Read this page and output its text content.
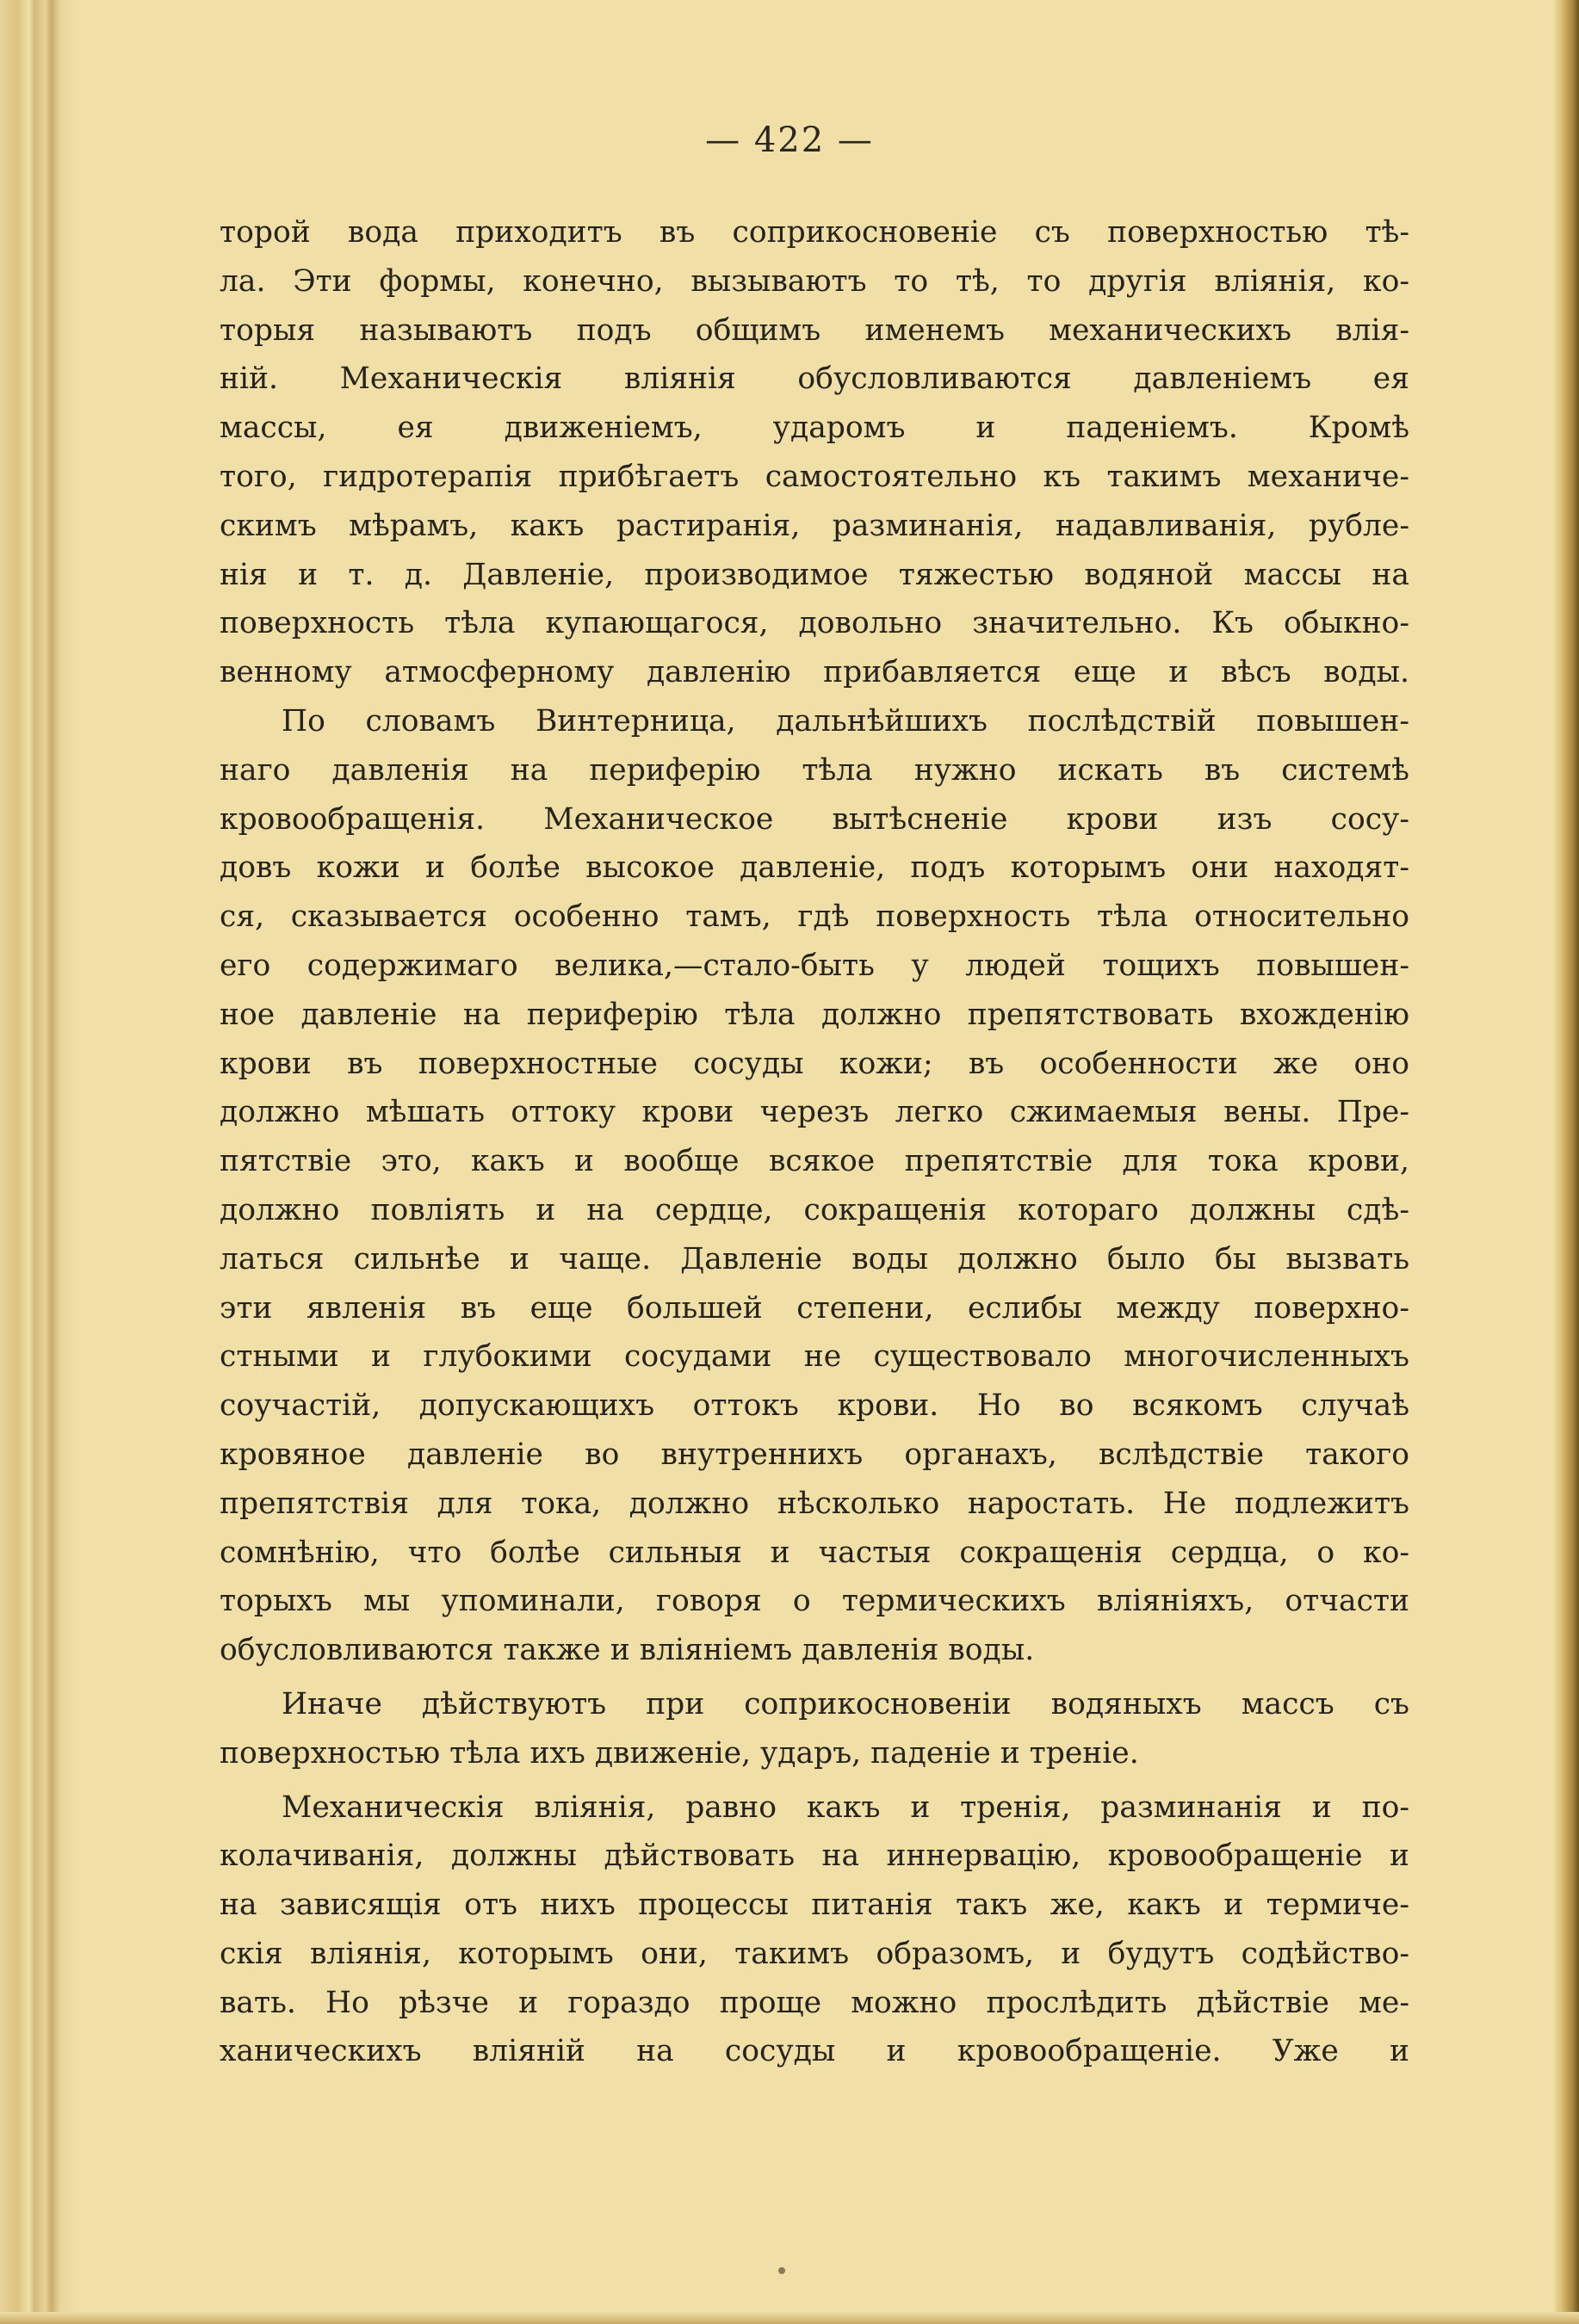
— 422 —
торой вода приходитъ въ соприкосновенiе съ поверхностью тѣ-
ла. Эти формы, конечно, вызываютъ то тѣ, то другiя влiянiя, ко-
торыя называютъ подъ общимъ именемъ механическихъ влiя-
нiй. Механическiя влiянiя обусловливаются давленiемъ ея
массы, ея движенiемъ, ударомъ и паденiемъ. Кромѣ
того, гидротерапiя прибѣгаетъ самостоятельно къ такимъ механиче-
скимъ мѣрамъ, какъ растиранiя, разминанiя, надавливанiя, рубле-
нiя и т. д. Давленiе, производимое тяжестью водяной массы на
поверхность тѣла купающагося, довольно значительно. Къ обыкно-
венному атмосферному давленiю прибавляется еще и вѣсъ воды.
По словамъ Винтерница, дальнѣйшихъ послѣдствiй повышен-
наго давленiя на периферiю тѣла нужно искать въ системѣ
кровообращенiя. Механическое вытѣсненiе крови изъ сосу-
довъ кожи и болѣе высокое давленiе, подъ которымъ они находят-
ся, сказывается особенно тамъ, гдѣ поверхность тѣла относительно
его содержимаго велика,—стало-быть у людей тощихъ повышен-
ное давленiе на периферiю тѣла должно препятствовать вхожденiю
крови въ поверхностные сосуды кожи; въ особенности же оно
должно мѣшать оттоку крови черезъ легко сжимаемыя вены. Пре-
пятствiе это, какъ и вообще всякое препятствiе для тока крови,
должно повлiять и на сердце, сокращенiя котораго должны сдѣ-
латься сильнѣе и чаще. Давленiе воды должно было бы вызвать
эти явленiя въ еще большей степени, еслибы между поверхно-
стными и глубокими сосудами не существовало многочисленныхъ
соучастiй, допускающихъ оттокъ крови. Но во всякомъ случаѣ
кровяное давленiе во внутреннихъ органахъ, вслѣдствiе такого
препятствiя для тока, должно нѣсколько наростать. Не подлежитъ
сомнѣнiю, что болѣе сильныя и частыя сокращенiя сердца, о ко-
торыхъ мы упоминали, говоря о термическихъ влiянiяхъ, отчасти
обусловливаются также и влiянiемъ давленiя воды.
Иначе дѣйствуютъ при соприкосновенiи водяныхъ массъ съ
поверхностью тѣла ихъ движенiе, ударъ, паденiе и тренiе.
Механическiя влiянiя, равно какъ и тренiя, разминанiя и по-
колачиванiя, должны дѣйствовать на иннервацiю, кровообращенiе и
на зависящiя отъ нихъ процессы питанiя такъ же, какъ и термиче-
скiя влiянiя, которымъ они, такимъ образомъ, и будутъ содѣйство-
вать. Но рѣзче и гораздо проще можно прослѣдить дѣйствiе ме-
ханическихъ влiянiй на сосуды и кровообращенiе. Уже и
